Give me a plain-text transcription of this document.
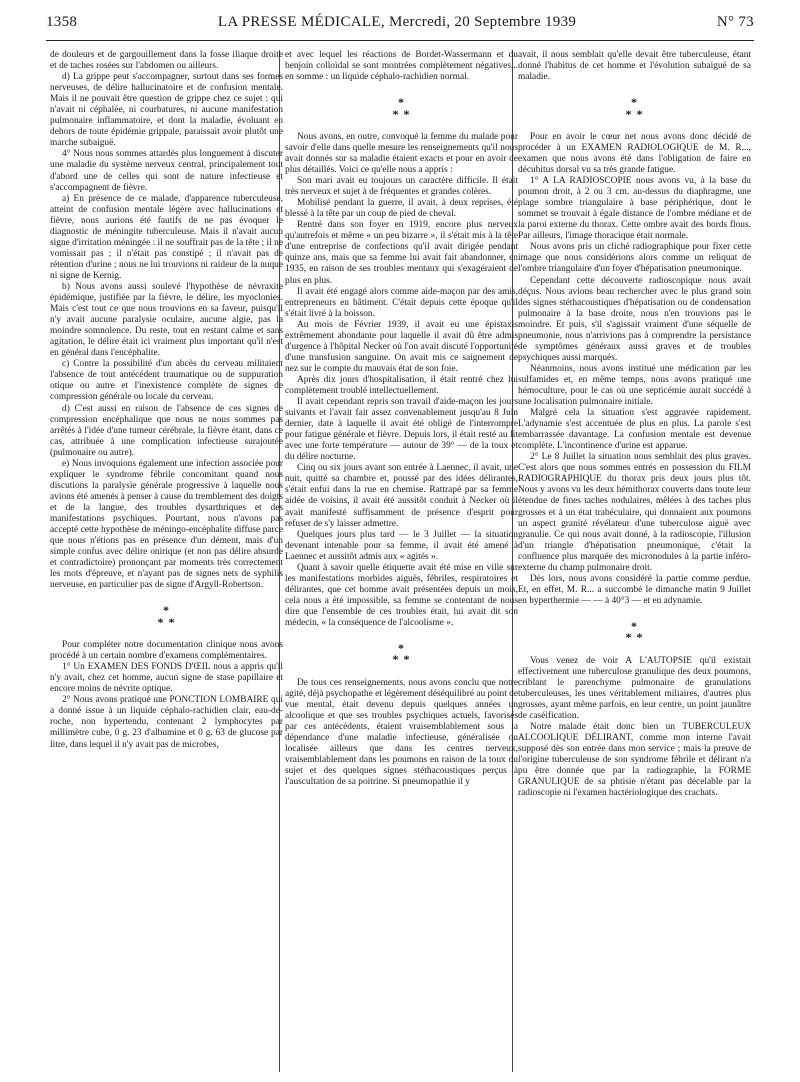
1358	LA PRESSE MÉDICALE, Mercredi, 20 Septembre 1939	N° 73

de douleurs et de gargouillement dans la fosse iliaque droite et de taches rosées sur l'abdomen ou ailleurs.

d) La grippe peut s'accompagner, surtout dans ses formes nerveuses, de délire hallucinatoire et de confusion mentale. Mais il ne pouvait être question de grippe chez ce sujet : qui n'avait ni céphalée, ni courbatures, ni aucune manifestation pulmonaire inflammatoire, et dont la maladie, évoluant en dehors de toute épidémie grippale, paraissait avoir plutôt une marche subaiguë.

4° Nous nous sommes attardés plus longuement à discuter une maladie du système nerveux central, principalement tout d'abord une de celles qui sont de nature infectieuse et s'accompagnent de fièvre.

a) En présence de ce malade, d'apparence tuberculeuse, atteint de confusion mentale légère avec hallucinations et fièvre, nous aurions été fautifs de ne pas évoquer le diagnostic de méningite tuberculeuse. Mais il n'avait aucun signe d'irritation méningée : il ne souffrait pas de la tête ; il ne vomissait pas ; il n'était pas constipé ; il n'avait pas de rétention d'urine ; nous ne lui trouvions ni raideur de la nuque ni signe de Kernig.

b) Nous avons aussi soulevé l'hypothèse de névraxite épidémique, justifiée par la fièvre, le délire, les myoclonies. Mais c'est tout ce que nous trouvions en sa faveur, puisqu'il n'y avait aucune paralysie oculaire, aucune algie, pas la moindre somnolence. Du reste, tout en restant calme et sans agitation, le délire était ici vraiment plus important qu'il n'est en général dans l'encéphalite.

c) Contre la possibilité d'un abcès du cerveau militaient l'absence de tout antécédent traumatique ou de suppuration otique ou autre et l'inexistence complète de signes de compression générale ou locale du cerveau.

d) C'est aussi en raison de l'absence de ces signes de compression encéphalique que nous ne nous sommes pas arrêtés à l'idée d'une tumeur cérébrale, la fièvre étant, dans ce cas, attribuée à une complication infectieuse surajoutée (pulmonaire ou autre).

e) Nous invoquions également une infection associée pour expliquer le syndrome fébrile concomitant quand nous discutions la paralysie générale progressive à laquelle nous avions été amenés à penser à cause du tremblement des doigts et de la langue, des troubles dysarthriques et des manifestations psychiques. Pourtant, nous n'avons pas accepté cette hypothèse de méningo-encéphalite diffuse parce que nous n'étions pas en présence d'un dément, mais d'un simple confus avec délire onirique (et non pas délire absurde et contradictoire) prononçant par moments très correctement les mots d'épreuve, et n'ayant pas de signes nets de syphilis nerveuse, en particulier pas de signe d'Argyll-Robertson.

*
* *

Pour compléter notre documentation clinique nous avons procédé à un certain nombre d'examens complémentaires.

1° Un EXAMEN DES FONDS D'ŒIL nous a appris qu'il n'y avait, chez cet homme, aucun signe de stase papillaire et encore moins de névrite optique.

2° Nous avons pratiqué une PONCTION LOMBAIRE qui a donné issue à un liquide céphalo-rachidien clair, eau-de-roche, non hypertendu, contenant 2 lymphocytes par millimètre cube, 0 g. 23 d'albumine et 0 g. 63 de glucose par litre, dans lequel il n'y avait pas de microbes,

et avec lequel les réactions de Bordet-Wassermann et du benjoin colloïdal se sont montrées complètement négatives... en somme : un liquide céphalo-rachidien normal.

*
* *

Nous avons, en outre, convoqué la femme du malade pour savoir d'elle dans quelle mesure les renseignements qu'il nous avait donnés sur sa maladie étaient exacts et pour en avoir de plus détaillés. Voici ce qu'elle nous a appris :

Son mari avait eu toujours un caractère difficile. Il était très nerveux et sujet à de fréquentes et grandes colères.

Mobilisé pendant la guerre, il avait, à deux reprises, été blessé à la tête par un coup de pied de cheval.

Rentré dans son foyer en 1919, encore plus nerveux qu'autrefois et même « un peu bizarre », il s'était mis à la tête d'une entreprise de confections qu'il avait dirigée pendant quinze ans, mais que sa femme lui avait fait abandonner, en 1935, en raison de ses troubles mentaux qui s'exagéraient de plus en plus.

Il avait été engagé alors comme aide-maçon par des amis, entrepreneurs en bâtiment. C'était depuis cette époque qu'il s'était livré à la boisson.

Au mois de Février 1939, il avait eu une épistaxis extrêmement abondante pour laquelle il avait dû être admis d'urgence à l'hôpital Necker où l'on avait discuté l'opportunité d'une transfusion sanguine. On avait mis ce saignement de nez sur le compte du mauvais état de son foie.

Après dix jours d'hospitalisation, il était rentré chez lui complètement troublé intellectuellement.

Il avait cependant repris son travail d'aide-maçon les jours suivants et l'avait fait assez convenablement jusqu'au 8 Juin dernier, date à laquelle il avait été obligé de l'interrompre pour fatigue générale et fièvre. Depuis lors, il était resté au lit avec une forte température — autour de 39° — de la toux et du délire nocturne.

Cinq ou six jours avant son entrée à Laennec, il avait, une nuit, quitté sa chambre et, poussé par des idées délirantes, s'était enfui dans la rue en chemise. Rattrapé par sa femme aidée de voisins, il avait été aussitôt conduit à Necker où il avait manifesté suffisamment de présence d'esprit pour refuser de s'y laisser admettre.

Quelques jours plus tard — le 3 Juillet — la situation devenant intenable pour sa femme, il avait été amené à Laennec et aussitôt admis aux « agités ».

Quant à savoir quelle étiquette avait été mise en ville sur les manifestations morbides aiguës, fébriles, respiratoires et délirantes, que cet homme avait présentées depuis un mois, cela nous a été impossible, sa femme se contentant de nous dire que l'ensemble de ces troubles était, lui avait dit son médecin, « la conséquence de l'alcoolisme ».

*
* *

De tous ces renseignements, nous avons conclu que notre agité, déjà psychopathe et légèrement déséquilibré au point de vue mental, était devenu depuis quelques années un alcoolique et que ses troubles psychiques actuels, favorisés par ces antécédents, étaient vraisemblablement sous la dépendance d'une maladie infectieuse, généralisée ou localisée ailleurs que dans les centres nerveux, vraisemblablement dans les poumons en raison de la toux du sujet et des quelques signes stéthacoustiques perçus à l'auscultation de sa poitrine. Si pneumopathie il y

avait, il nous semblait qu'elle devait être tuberculeuse, étant donné l'habitus de cet homme et l'évolution subaiguë de sa maladie.

*
* *

Pour en avoir le cœur net nous avons donc décidé de procéder à un EXAMEN RADIOLOGIQUE de M. R..., examen que nous avons été dans l'obligation de faire en décubitus dorsal vu sa très grande fatigue.

1° A LA RADIOSCOPIE nous avons vu, à la base du poumon droit, à 2 ou 3 cm. au-dessus du diaphragme, une plage sombre triangulaire à base périphérique, dont le sommet se trouvait à égale distance de l'ombre médiane et de la paroi externe du thorax. Cette ombre avait des bords flous. Par ailleurs, l'image thoracique était normale.

Nous avons pris un cliché radiographique pour fixer cette image que nous considérions alors comme un reliquat de l'ombre triangulaire d'un foyer d'hépatisation pneumonique.

Cependant cette découverte radioscopique nous avait déçus. Nous avions beau rechercher avec le plus grand soin des signes stéthacoustiques d'hépatisation ou de condensation pulmonaire à la base droite, nous n'en trouvions pas le moindre. Et puis, s'il s'agissait vraiment d'une séquelle de pneumonie, nous n'arrivions pas à comprendre la persistance de symptômes généraux aussi graves et de troubles psychiques aussi marqués.

Néanmoins, nous avons institué une médication par les sulfamides et, en même temps, nous avons pratiqué une hémoculture, pour le cas où une septicémie aurait succédé à une localisation pulmonaire initiale.

Malgré cela la situation s'est aggravée rapidement. L'adynamie s'est accentuée de plus en plus. La parole s'est embarrassée davantage. La confusion mentale est devenue complète. L'incontinence d'urine est apparue.

2° Le 8 Juillet la situation nous semblait des plus graves. C'est alors que nous sommes entrés en possession du FILM RADIOGRAPHIQUE du thorax pris deux jours plus tôt. Nous y avons vu les deux hémithorax couverts dans toute leur étendue de fines taches nodulaires, mêlées à des taches plus grosses et à un état trabéculaire, qui donnaient aux poumons un aspect granité révélateur d'une tuberculose aiguë avec granulie. Ce qui nous avait donné, à la radioscopie, l'illusion d'un triangle d'hépatisation pneumonique, c'était la confluence plus marquée des micronodules à la partie inféro-externe du champ pulmonaire droit.

Dès lors, nous avons considéré la partie comme perdue. Et, en effet, M. R... a succombé le dimanche matin 9 Juillet en hyperthermie — — à 40°3 — et en adynamie.

*
* *

Vous venez de voir A L'AUTOPSIE qu'il existait effectivement une tuberculose granulique des deux poumons, criblant le parenchyme pulmonaire de granulations tuberculeuses, les unes véritablement miliaires, d'autres plus grosses, ayant même parfois, en leur centre, un point jaunâtre de caséification.

Notre malade était donc bien un TUBERCULEUX ALCOOLIQUE DÉLIRANT, comme mon interne l'avait supposé dès son entrée dans mon service ; mais la preuve de l'origine tuberculeuse de son syndrome fébrile et délirant n'a pu être donnée que par la radiographie, la FORME GRANULIQUE de sa phtisie n'étant pas décelable par la radioscopie ni l'examen bactériologique des crachats.
